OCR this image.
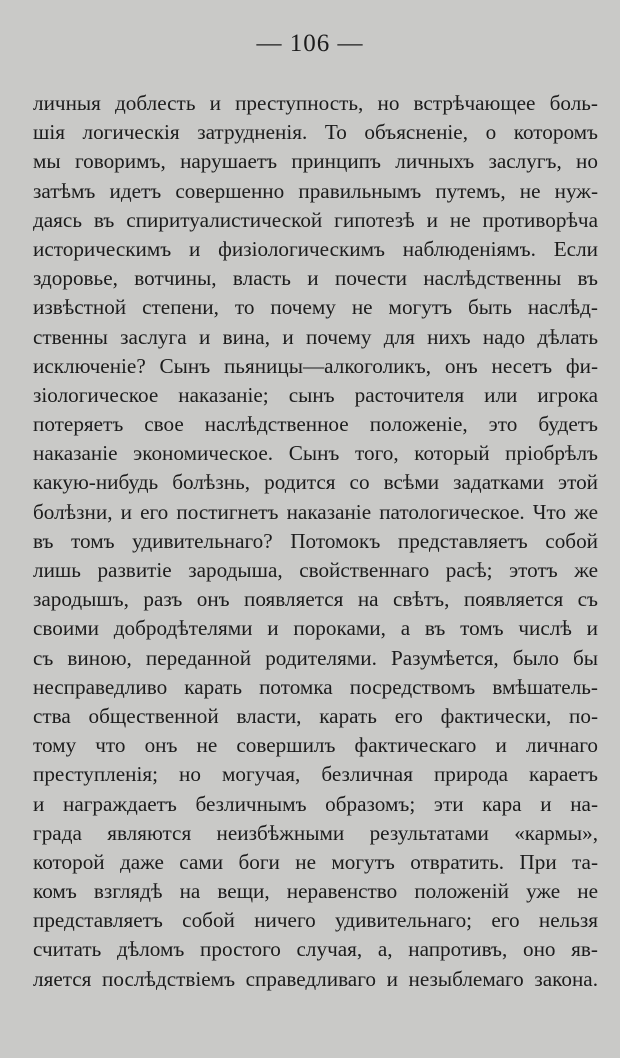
— 106 —
личныя доблесть и преступность, но встрѣчающее боль-
шія логическія затрудненія. То объясненіе, о которомъ
мы говоримъ, нарушаетъ принципъ личныхъ заслугъ, но
затѣмъ идетъ совершенно правильнымъ путемъ, не нуж-
даясь въ спиритуалистической гипотезѣ и не противорѣча
историческимъ и физіологическимъ наблюденіямъ. Если
здоровье, вотчины, власть и почести наслѣдственны въ
извѣстной степени, то почему не могутъ быть наслѣд-
ственны заслуга и вина, и почему для нихъ надо дѣлать
исключеніе? Сынъ пьяницы—алкоголикъ, онъ несетъ фи-
зіологическое наказаніе; сынъ расточителя или игрока
потеряетъ свое наслѣдственное положеніе, это будетъ
наказаніе экономическое. Сынъ того, который пріобрѣлъ
какую-нибудь болѣзнь, родится со всѣми задатками этой
болѣзни, и его постигнетъ наказаніе патологическое. Что же
въ томъ удивительнаго? Потомокъ представляетъ собой
лишь развитіе зародыша, свойственнаго расѣ; этотъ же
зародышъ, разъ онъ появляется на свѣтъ, появляется съ
своими добродѣтелями и пороками, а въ томъ числѣ и
съ виною, переданной родителями. Разумѣется, было бы
несправедливо карать потомка посредствомъ вмѣшатель-
ства общественной власти, карать его фактически, по-
тому что онъ не совершилъ фактическаго и личнаго
преступленія; но могучая, безличная природа караетъ
и награждаетъ безличнымъ образомъ; эти кара и на-
града являются неизбѣжными результатами «кармы»,
которой даже сами боги не могутъ отвратить. При та-
комъ взглядѣ на вещи, неравенство положеній уже не
представляетъ собой ничего удивительнаго; его нельзя
считать дѣломъ простого случая, а, напротивъ, оно яв-
ляется послѣдствіемъ справедливаго и незыблемаго закона.
